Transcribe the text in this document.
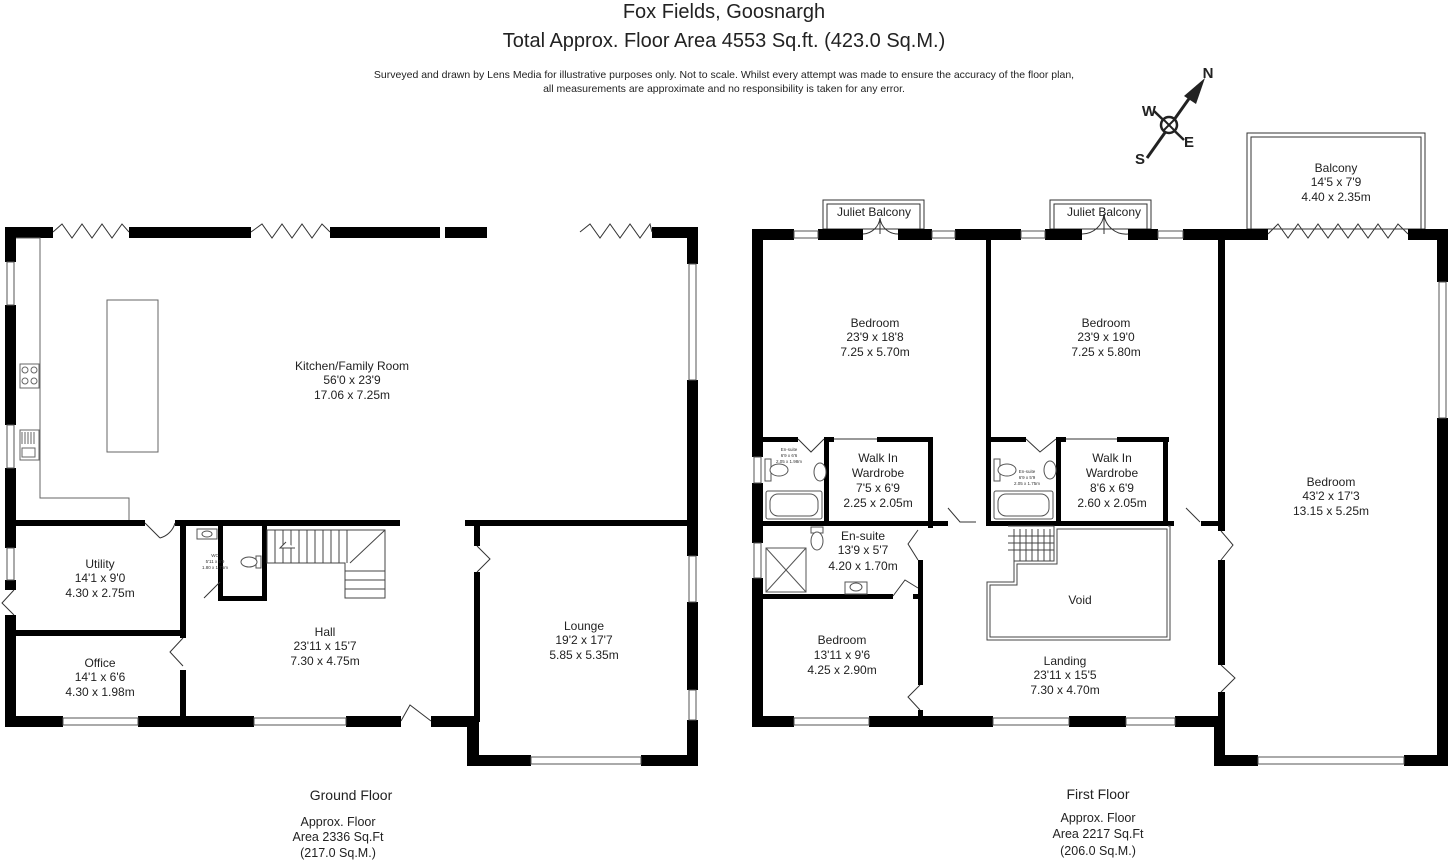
Fox Fields, Goosnargh
Total Approx. Floor Area 4553 Sq.ft. (423.0 Sq.M.)
Surveyed and drawn by Lens Media for illustrative purposes only. Not to scale. Whilst every attempt was made to ensure the accuracy of the floor plan,
all measurements are approximate and no responsibility is taken for any error.
N
W
E
S
Kitchen/Family Room
56'0 x 23'9
17.06 x 7.25m
Utility
14'1 x 9'0
4.30 x 2.75m
Office
14'1 x 6'6
4.30 x 1.98m
WC
5'11 x 5'9
1.80 x 1.75m
Hall
23'11 x 15'7
7.30 x 4.75m
Lounge
19'2 x 17'7
5.85 x 5.35m
Ground Floor
Approx. Floor
Area 2336 Sq.Ft
(217.0 Sq.M.)
Juliet Balcony	Juliet Balcony
Balcony
14'5 x 7'9
4.40 x 2.35m
Bedroom
23'9 x 18'8
7.25 x 5.70m
Bedroom
23'9 x 19'0
7.25 x 5.80m
Bedroom
43'2 x 17'3
13.15 x 5.25m
En-suite
6'9 x 6'6
2.05 x 1.98m
En-suite
6'9 x 5'9
2.05 x 1.75m
Walk In
Wardrobe
7'5 x 6'9
2.25 x 2.05m
Walk In
Wardrobe
8'6 x 6'9
2.60 x 2.05m
En-suite
13'9 x 5'7
4.20 x 1.70m
Bedroom
13'11 x 9'6
4.25 x 2.90m
Void
Landing
23'11 x 15'5
7.30 x 4.70m
First Floor
Approx. Floor
Area 2217 Sq.Ft
(206.0 Sq.M.)
